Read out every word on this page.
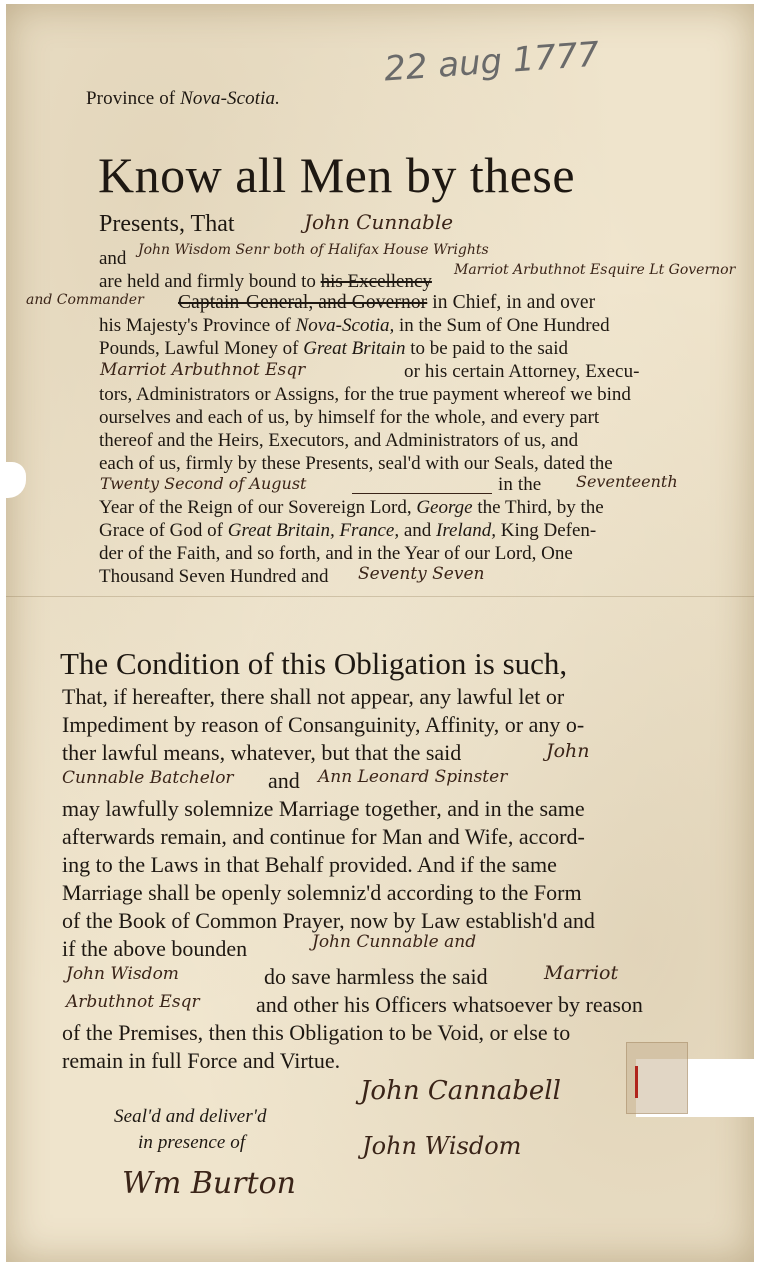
22 aug 1777
Province of Nova-Scotia.
Know all Men by these
Presents, That	John Cunnable
and John Wisdom Senr both of Halifax House Wrights
are held and firmly bound to his Excellency
Marriot Arbuthnot Esquire Lt Governor
and Commander Captain-General, and Governor in Chief, in and over
his Majesty's Province of Nova-Scotia, in the Sum of One Hundred
Pounds, Lawful Money of Great Britain to be paid to the said
Marriot Arbuthnot Esqr	or his certain Attorney, Execu-
tors, Administrators or Assigns, for the true payment whereof we bind
ourselves and each of us, by himself for the whole, and every part
thereof and the Heirs, Executors, and Administrators of us, and
each of us, firmly by these Presents, seal'd with our Seals, dated the
Twenty Second of August	in the Seventeenth
Year of the Reign of our Sovereign Lord, George the Third, by the
Grace of God of Great Britain, France, and Ireland, King Defen-
der of the Faith, and so forth, and in the Year of our Lord, One
Thousand Seven Hundred and Seventy Seven
The Condition of this Obligation is such,
That, if hereafter, there shall not appear, any lawful let or
Impediment by reason of Consanguinity, Affinity, or any o-
ther lawful means, whatever, but that the said	John
Cunnable Batchelor and Ann Leonard Spinster
may lawfully solemnize Marriage together, and in the same
afterwards remain, and continue for Man and Wife, accord-
ing to the Laws in that Behalf provided. And if the same
Marriage shall be openly solemniz'd according to the Form
of the Book of Common Prayer, now by Law establish'd and
if the above bounden	John Cunnable and
John Wisdom	do save harmless the said	Marriot
Arbuthnot Esqr	and other his Officers whatsoever by reason
of the Premises, then this Obligation to be Void, or else to
remain in full Force and Virtue.
Seal'd and deliver'd
in presence of
Wm Burton
John Cannabell
John Wisdom
